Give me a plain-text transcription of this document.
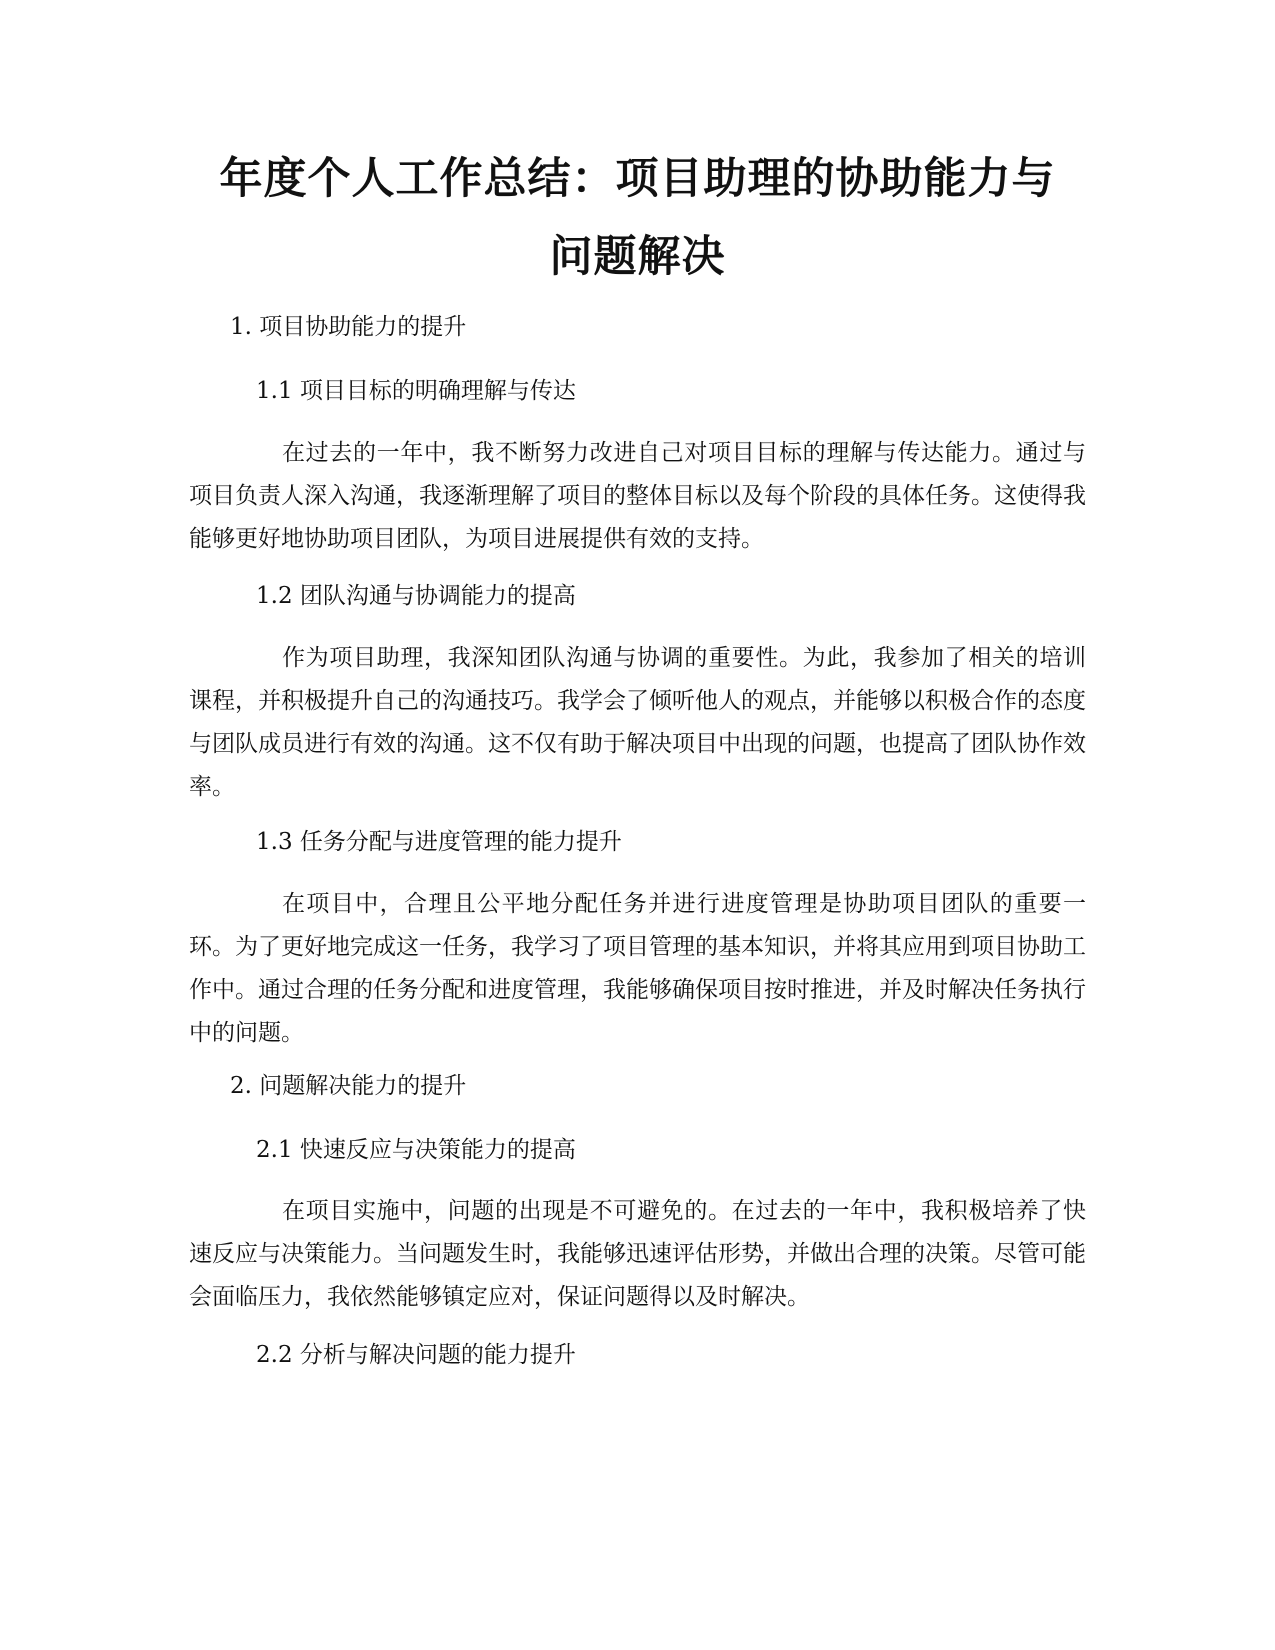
年度个人工作总结：项目助理的协助能力与
问题解决
1. 项目协助能力的提升
1.1 项目目标的明确理解与传达
在过去的一年中，我不断努力改进自己对项目目标的理解与传达能力。通过与项目负责人深入沟通，我逐渐理解了项目的整体目标以及每个阶段的具体任务。这使得我能够更好地协助项目团队，为项目进展提供有效的支持。
1.2 团队沟通与协调能力的提高
作为项目助理，我深知团队沟通与协调的重要性。为此，我参加了相关的培训课程，并积极提升自己的沟通技巧。我学会了倾听他人的观点，并能够以积极合作的态度与团队成员进行有效的沟通。这不仅有助于解决项目中出现的问题，也提高了团队协作效率。
1.3 任务分配与进度管理的能力提升
在项目中，合理且公平地分配任务并进行进度管理是协助项目团队的重要一环。为了更好地完成这一任务，我学习了项目管理的基本知识，并将其应用到项目协助工作中。通过合理的任务分配和进度管理，我能够确保项目按时推进，并及时解决任务执行中的问题。
2. 问题解决能力的提升
2.1 快速反应与决策能力的提高
在项目实施中，问题的出现是不可避免的。在过去的一年中，我积极培养了快速反应与决策能力。当问题发生时，我能够迅速评估形势，并做出合理的决策。尽管可能会面临压力，我依然能够镇定应对，保证问题得以及时解决。
2.2 分析与解决问题的能力提升
